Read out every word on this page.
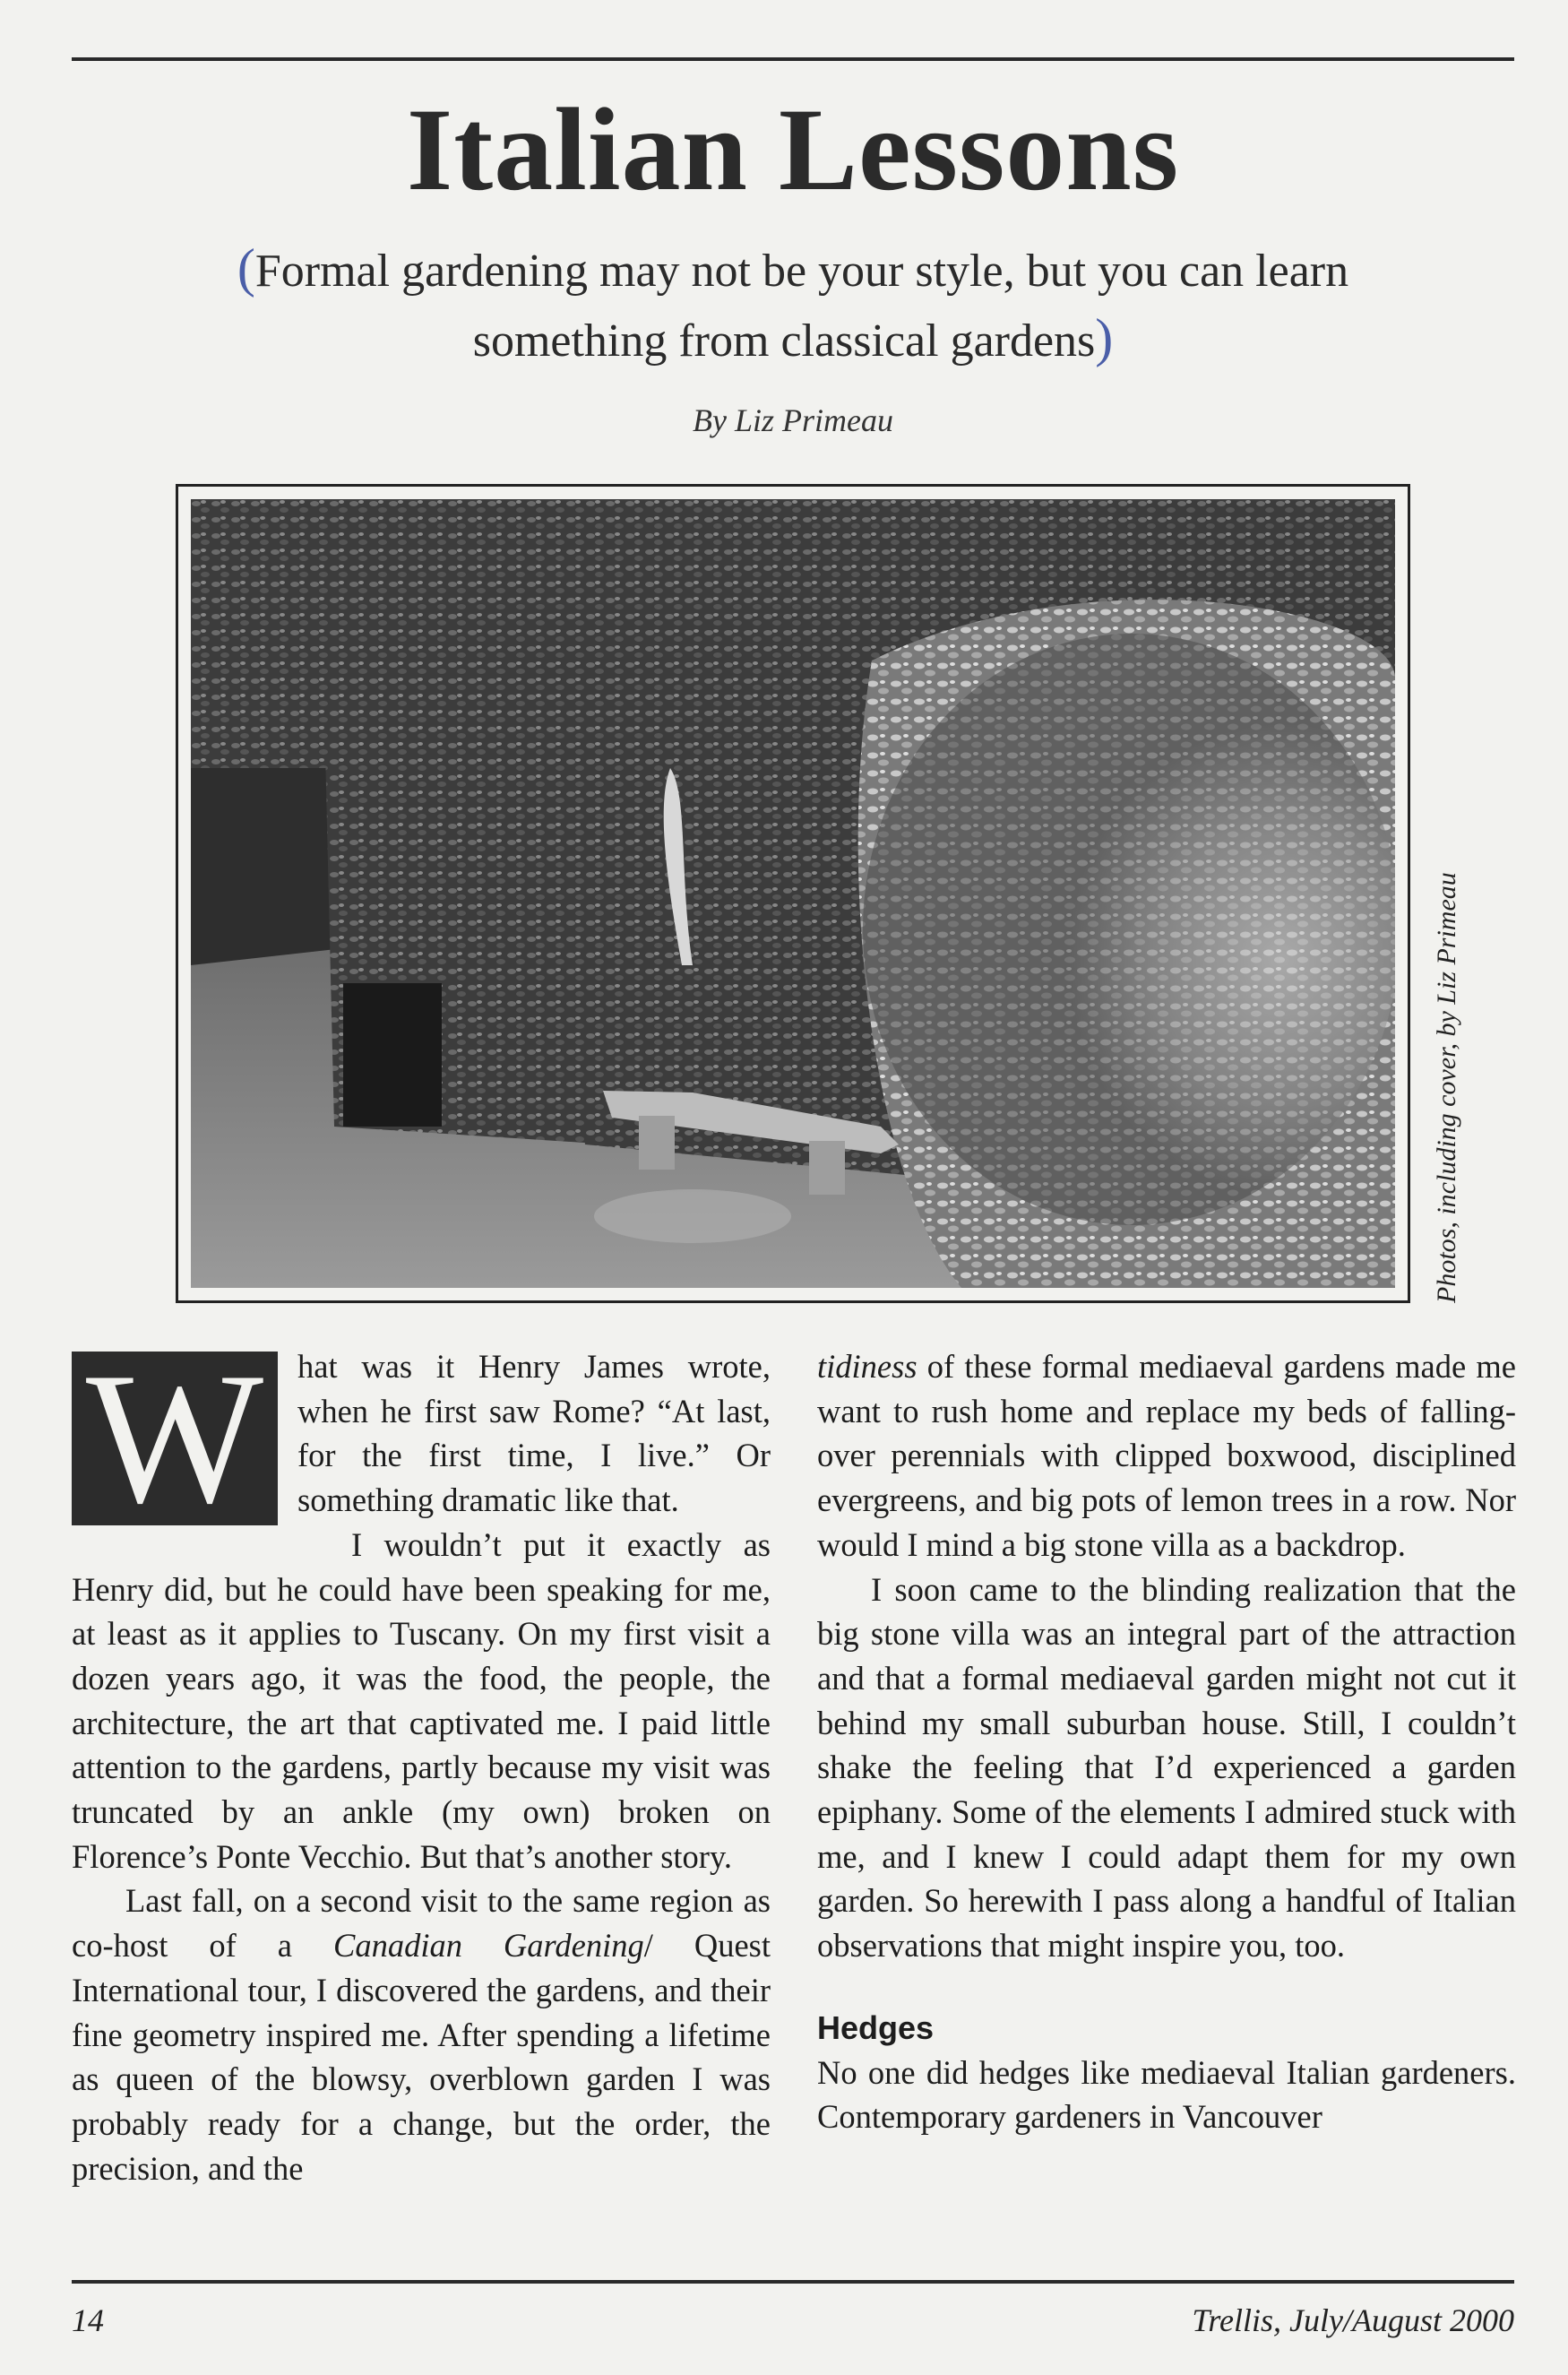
Italian Lessons
(Formal gardening may not be your style, but you can learn something from classical gardens)
By Liz Primeau
Photos, including cover, by Liz Primeau

W	hat was it Henry James wrote, when he first saw Rome? “At last, for the first time, I live.” Or something dramatic like that.

I wouldn’t put it exactly as Henry did, but he could have been speaking for me, at least as it applies to Tuscany. On my first visit a dozen years ago, it was the food, the people, the architecture, the art that captivated me. I paid little attention to the gardens, partly because my visit was truncated by an ankle (my own) broken on Florence’s Ponte Vecchio. But that’s another story.

Last fall, on a second visit to the same region as co-host of a Canadian Gardening/ Quest International tour, I discovered the gardens, and their fine geometry inspired me. After spending a lifetime as queen of the blowsy, overblown garden I was probably ready for a change, but the order, the precision, and the

tidiness of these formal mediaeval gardens made me want to rush home and replace my beds of falling-over perennials with clipped boxwood, disciplined evergreens, and big pots of lemon trees in a row. Nor would I mind a big stone villa as a backdrop.

I soon came to the blinding realization that the big stone villa was an integral part of the attraction and that a formal mediaeval garden might not cut it behind my small suburban house. Still, I couldn’t shake the feeling that I’d experienced a garden epiphany. Some of the elements I admired stuck with me, and I knew I could adapt them for my own garden. So herewith I pass along a handful of Italian observations that might inspire you, too.

Hedges

No one did hedges like mediaeval Italian gardeners. Contemporary gardeners in Vancouver

14	Trellis, July/August 2000
